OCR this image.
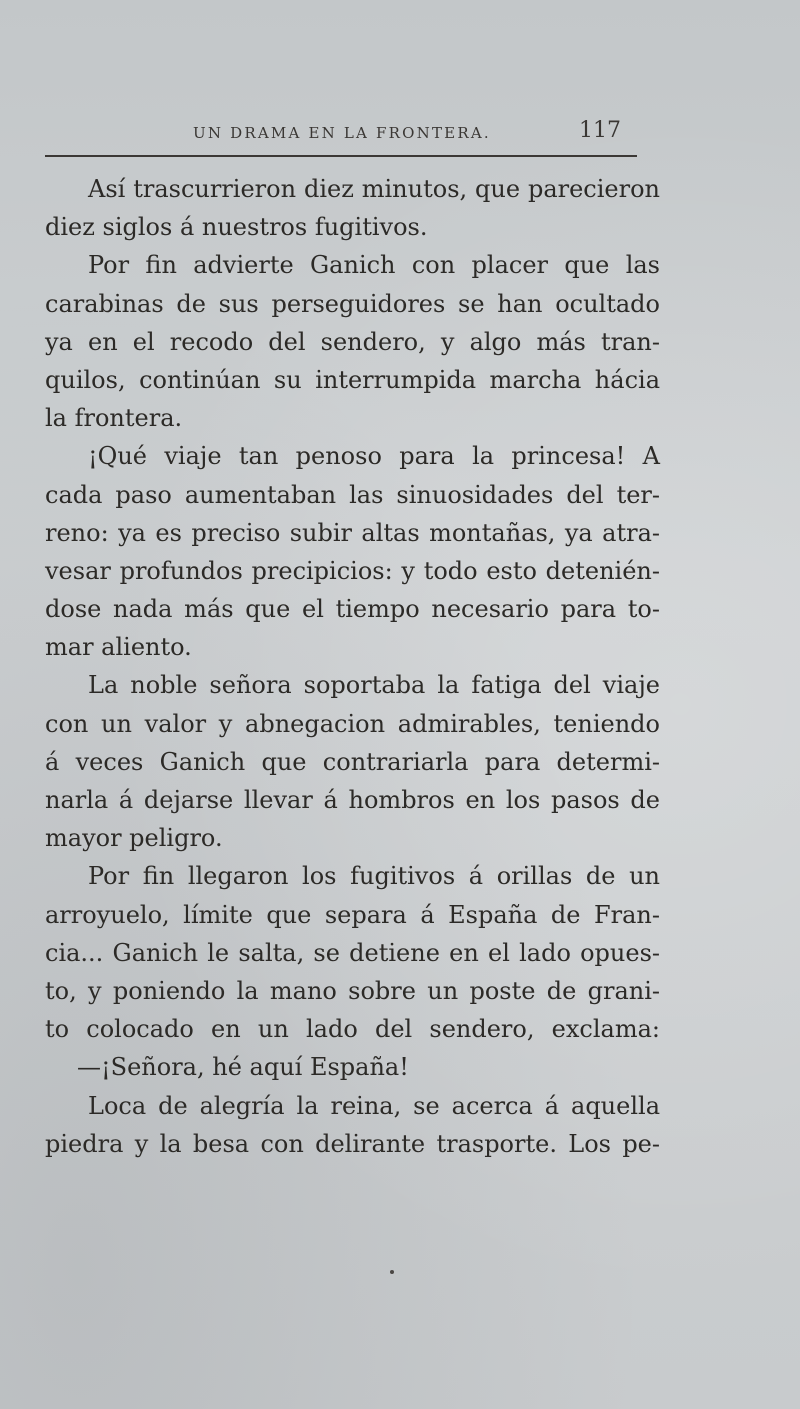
UN DRAMA EN LA FRONTERA.	117
Así trascurrieron diez minutos, que parecieron
diez siglos á nuestros fugitivos.
Por fin advierte Ganich con placer que las
carabinas de sus perseguidores se han ocultado
ya en el recodo del sendero, y algo más tran-
quilos, continúan su interrumpida marcha hácia
la frontera.
¡Qué viaje tan penoso para la princesa! A
cada paso aumentaban las sinuosidades del ter-
reno: ya es preciso subir altas montañas, ya atra-
vesar profundos precipicios: y todo esto detenién-
dose nada más que el tiempo necesario para to-
mar aliento.
La noble señora soportaba la fatiga del viaje
con un valor y abnegacion admirables, teniendo
á veces Ganich que contrariarla para determi-
narla á dejarse llevar á hombros en los pasos de
mayor peligro.
Por fin llegaron los fugitivos á orillas de un
arroyuelo, límite que separa á España de Fran-
cia... Ganich le salta, se detiene en el lado opues-
to, y poniendo la mano sobre un poste de grani-
to colocado en un lado del sendero, exclama:
—¡Señora, hé aquí España!
Loca de alegría la reina, se acerca á aquella
piedra y la besa con delirante trasporte. Los pe-
